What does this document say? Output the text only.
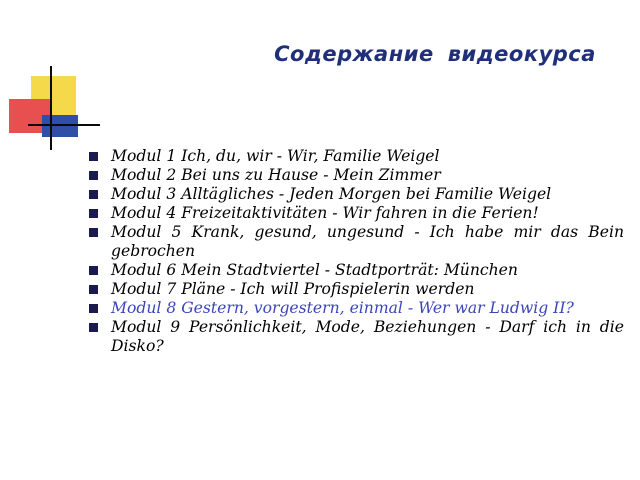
Содержание видеокурса
Modul 1 Ich, du, wir - Wir, Familie Weigel
Modul 2 Bei uns zu Hause - Mein Zimmer
Modul 3 Alltägliches - Jeden Morgen bei Familie Weigel
Modul 4 Freizeitaktivitäten - Wir fahren in die Ferien!
Modul 5 Krank, gesund, ungesund - Ich habe mir das Bein gebrochen
Modul 6 Mein Stadtviertel - Stadtporträt: München
Modul 7 Pläne - Ich will Profispielerin werden
Modul 8 Gestern, vorgestern, einmal - Wer war Ludwig II?
Modul 9 Persönlichkeit, Mode, Beziehungen - Darf ich in die Disko?
